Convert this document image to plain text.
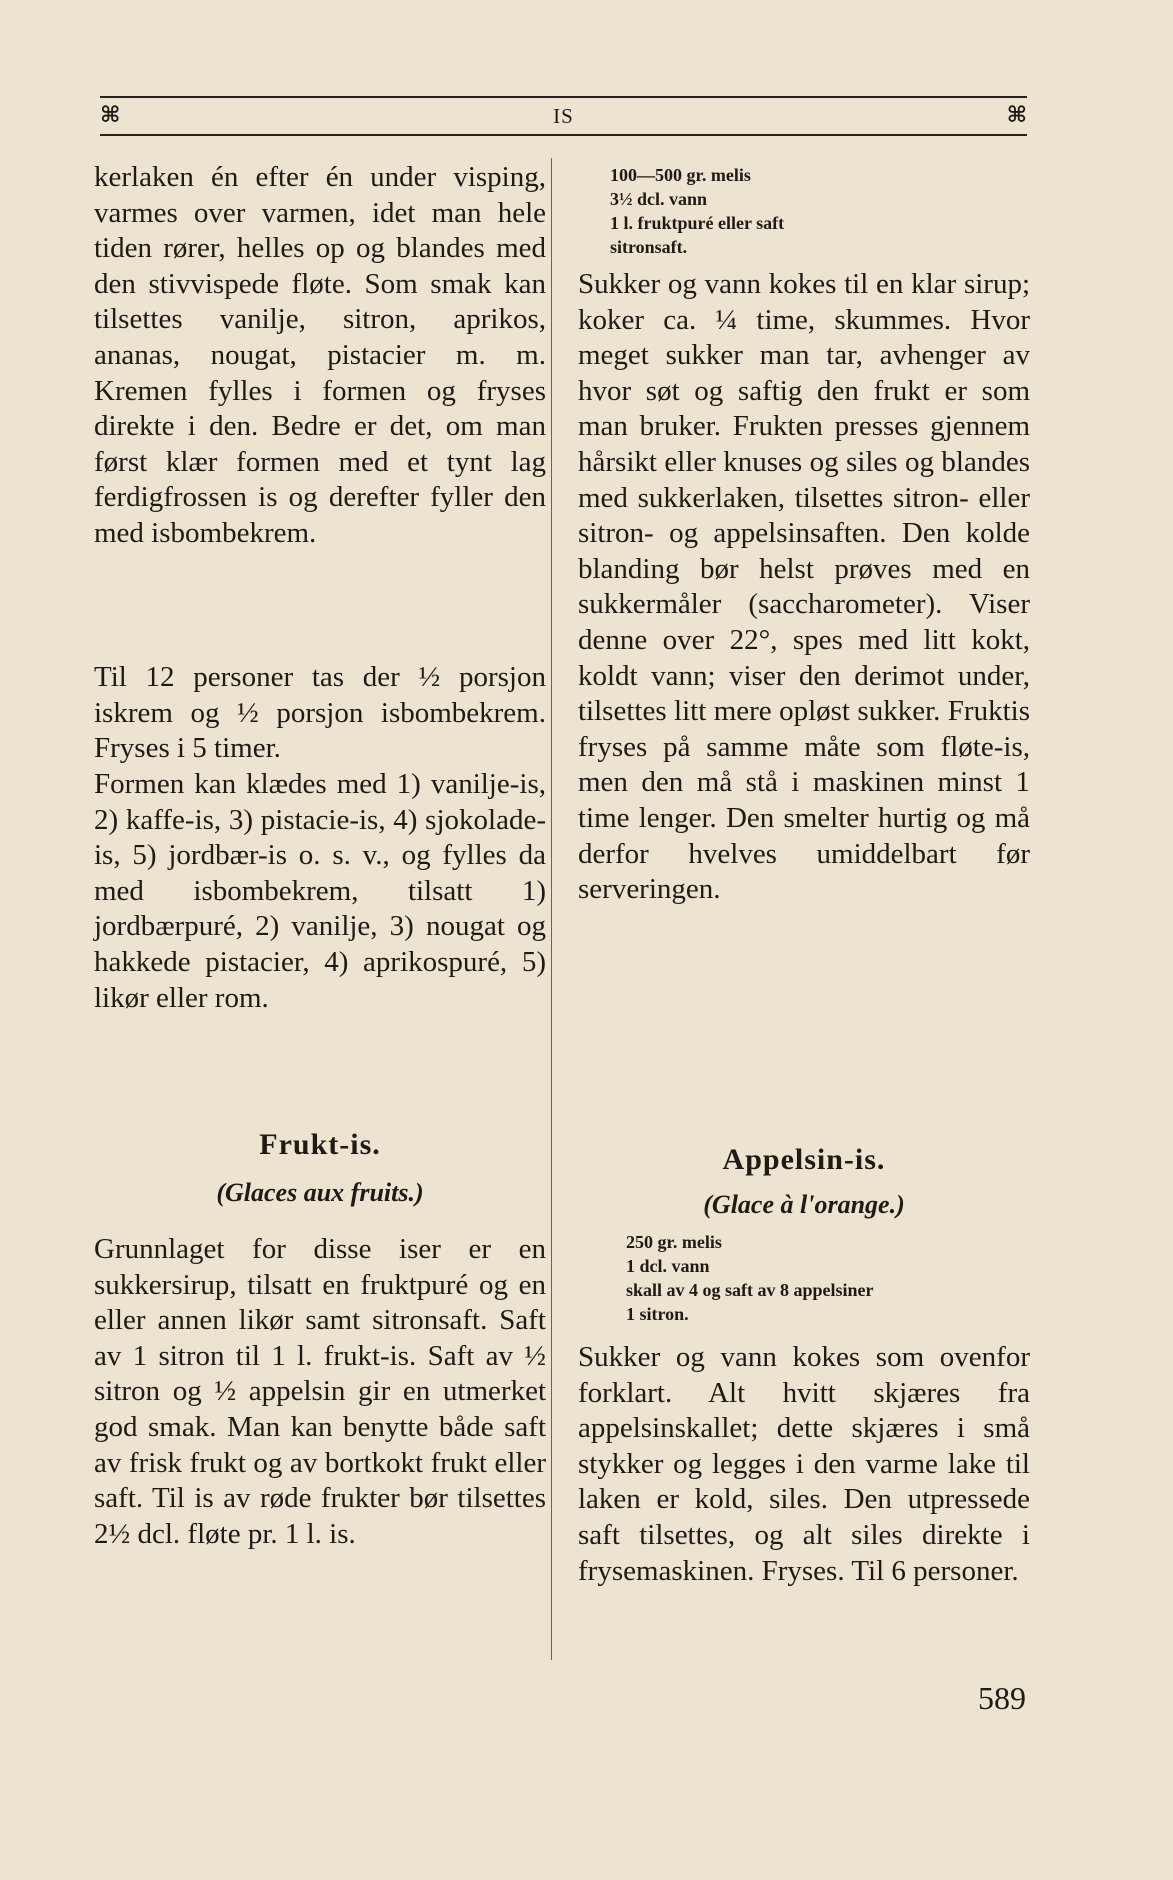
⌘	IS	⌘

kerlaken én efter én under visping, varmes over varmen, idet man hele tiden rører, helles op og blandes med den stivvispede fløte. Som smak kan tilsettes vanilje, sitron, aprikos, ananas, nougat, pistacier m. m. Kremen fylles i formen og fryses direkte i den. Bedre er det, om man først klær formen med et tynt lag ferdigfrossen is og derefter fyller den med isbombekrem.

Til 12 personer tas der ½ porsjon iskrem og ½ porsjon isbombekrem. Fryses i 5 timer.

Formen kan klædes med 1) vanilje-is, 2) kaffe-is, 3) pistacie-is, 4) sjokolade-is, 5) jordbær-is o. s. v., og fylles da med isbombekrem, tilsatt 1) jordbærpuré, 2) vanilje, 3) nougat og hakkede pistacier, 4) aprikospuré, 5) likør eller rom.

Frukt-is.
(Glaces aux fruits.)

Grunnlaget for disse iser er en sukkersirup, tilsatt en fruktpuré og en eller annen likør samt sitronsaft. Saft av 1 sitron til 1 l. frukt-is. Saft av ½ sitron og ½ appelsin gir en utmerket god smak. Man kan benytte både saft av frisk frukt og av bortkokt frukt eller saft. Til is av røde frukter bør tilsettes 2½ dcl. fløte pr. 1 l. is.

100—500 gr. melis
3½ dcl. vann
1 l. fruktpuré eller saft
sitronsaft.

Sukker og vann kokes til en klar sirup; koker ca. ¼ time, skummes. Hvor meget sukker man tar, avhenger av hvor søt og saftig den frukt er som man bruker. Frukten presses gjennem hårsikt eller knuses og siles og blandes med sukkerlaken, tilsettes sitron- eller sitron- og appelsinsaften. Den kolde blanding bør helst prøves med en sukkermåler (saccharometer). Viser denne over 22°, spes med litt kokt, koldt vann; viser den derimot under, tilsettes litt mere opløst sukker. Fruktis fryses på samme måte som fløte-is, men den må stå i maskinen minst 1 time lenger. Den smelter hurtig og må derfor hvelves umiddelbart før serveringen.

Appelsin-is.
(Glace à l'orange.)
250 gr. melis
1 dcl. vann
skall av 4 og saft av 8 appelsiner
1 sitron.

Sukker og vann kokes som ovenfor forklart. Alt hvitt skjæres fra appelsinskallet; dette skjæres i små stykker og legges i den varme lake til laken er kold, siles. Den utpressede saft tilsettes, og alt siles direkte i frysemaskinen. Fryses. Til 6 personer.

589
